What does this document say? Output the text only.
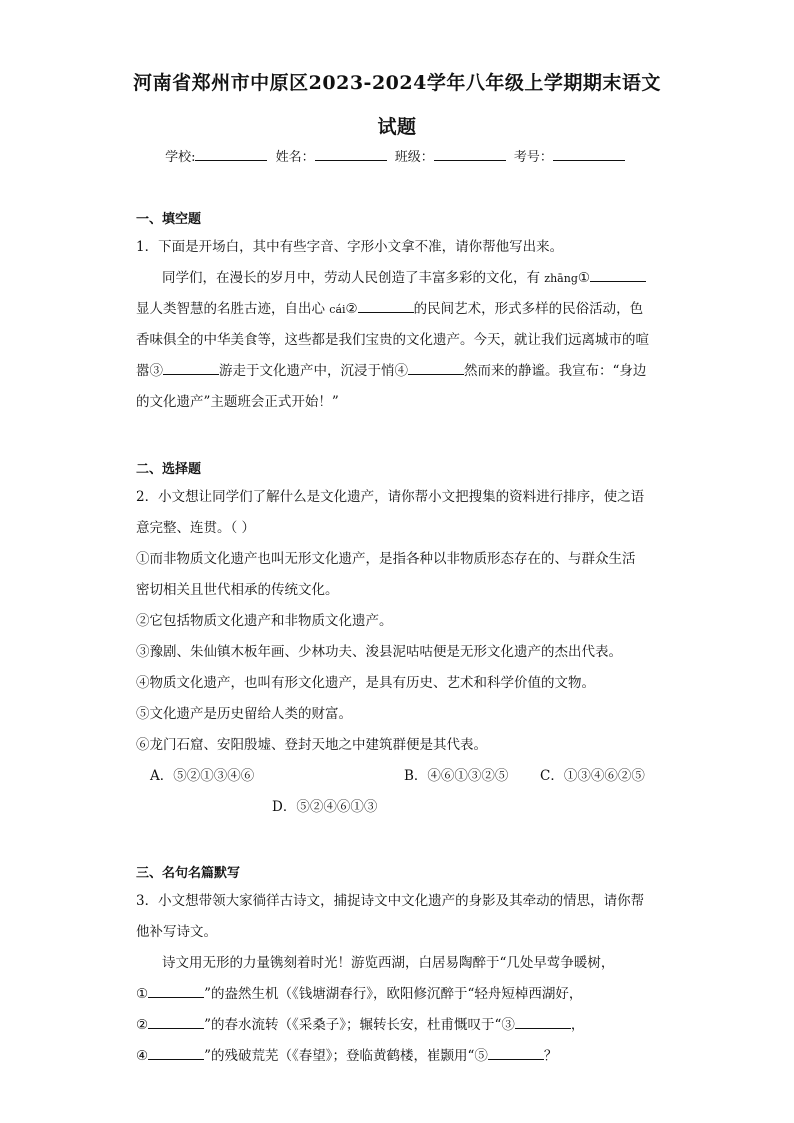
河南省郑州市中原区2023-2024学年八年级上学期期末语文
试题
学校:	姓名：	班级：	考号：
一、填空题
1．下面是开场白，其中有些字音、字形小文拿不准，请你帮他写出来。
同学们，在漫长的岁月中，劳动人民创造了丰富多彩的文化，有 zhāng①
显人类智慧的名胜古迹，自出心 cái②	的民间艺术，形式多样的民俗活动，色
香味俱全的中华美食等，这些都是我们宝贵的文化遗产。今天，就让我们远离城市的喧
嚣③	游走于文化遗产中，沉浸于悄④	然而来的静谧。我宣布：“身边
的文化遗产”主题班会正式开始！”
二、选择题
2．小文想让同学们了解什么是文化遗产，请你帮小文把搜集的资料进行排序，使之语
意完整、连贯。（ ）
①而非物质文化遗产也叫无形文化遗产，是指各种以非物质形态存在的、与群众生活
密切相关且世代相承的传统文化。
②它包括物质文化遗产和非物质文化遗产。
③豫剧、朱仙镇木板年画、少林功夫、浚县泥咕咕便是无形文化遗产的杰出代表。
④物质文化遗产，也叫有形文化遗产，是具有历史、艺术和科学价值的文物。
⑤文化遗产是历史留给人类的财富。
⑥龙门石窟、安阳殷墟、登封天地之中建筑群便是其代表。
A．⑤②①③④⑥	B．④⑥①③②⑤ C．①③④⑥②⑤
D．⑤②④⑥①③
三、名句名篇默写
3．小文想带领大家徜徉古诗文，捕捉诗文中文化遗产的身影及其牵动的情思，请你帮
他补写诗文。
诗文用无形的力量镌刻着时光！游览西湖，白居易陶醉于“几处早莺争暖树，
①	”的盎然生机（《钱塘湖春行》，欧阳修沉醉于“轻舟短棹西湖好，
②	”的春水流转（《采桑子》；辗转长安，杜甫慨叹于“③	，
④	”的残破荒芜（《春望》；登临黄鹤楼，崔颢用“⑤	？
